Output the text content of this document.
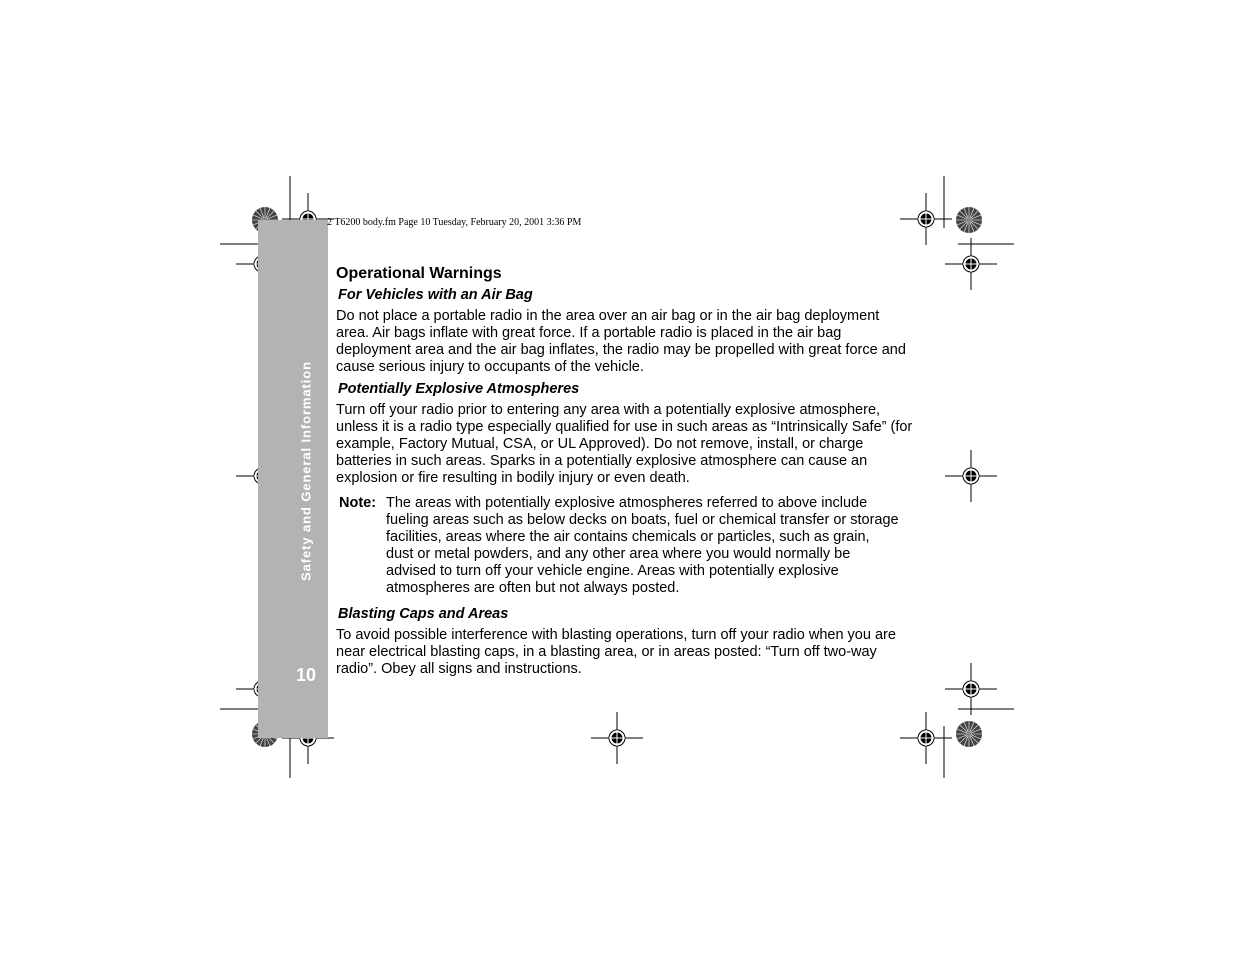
Safety and General Information
10
2 T6200 body.fm Page 10 Tuesday, February 20, 2001 3:36 PM
Operational Warnings
For Vehicles with an Air Bag

Do not place a portable radio in the area over an air bag or in the air bag deployment area. Air bags inflate with great force. If a portable radio is placed in the air bag deployment area and the air bag inflates, the radio may be propelled with great force and cause serious injury to occupants of the vehicle.

Potentially Explosive Atmospheres

Turn off your radio prior to entering any area with a potentially explosive atmosphere, unless it is a radio type especially qualified for use in such areas as “Intrinsically Safe” (for example, Factory Mutual, CSA, or UL Approved). Do not remove, install, or charge batteries in such areas. Sparks in a potentially explosive atmosphere can cause an explosion or fire resulting in bodily injury or even death.

Note: The areas with potentially explosive atmospheres referred to above include fueling areas such as below decks on boats, fuel or chemical transfer or storage facilities, areas where the air contains chemicals or particles, such as grain, dust or metal powders, and any other area where you would normally be advised to turn off your vehicle engine. Areas with potentially explosive atmospheres are often but not always posted.
Blasting Caps and Areas

To avoid possible interference with blasting operations, turn off your radio when you are near electrical blasting caps, in a blasting area, or in areas posted: “Turn off two-way radio”. Obey all signs and instructions.
